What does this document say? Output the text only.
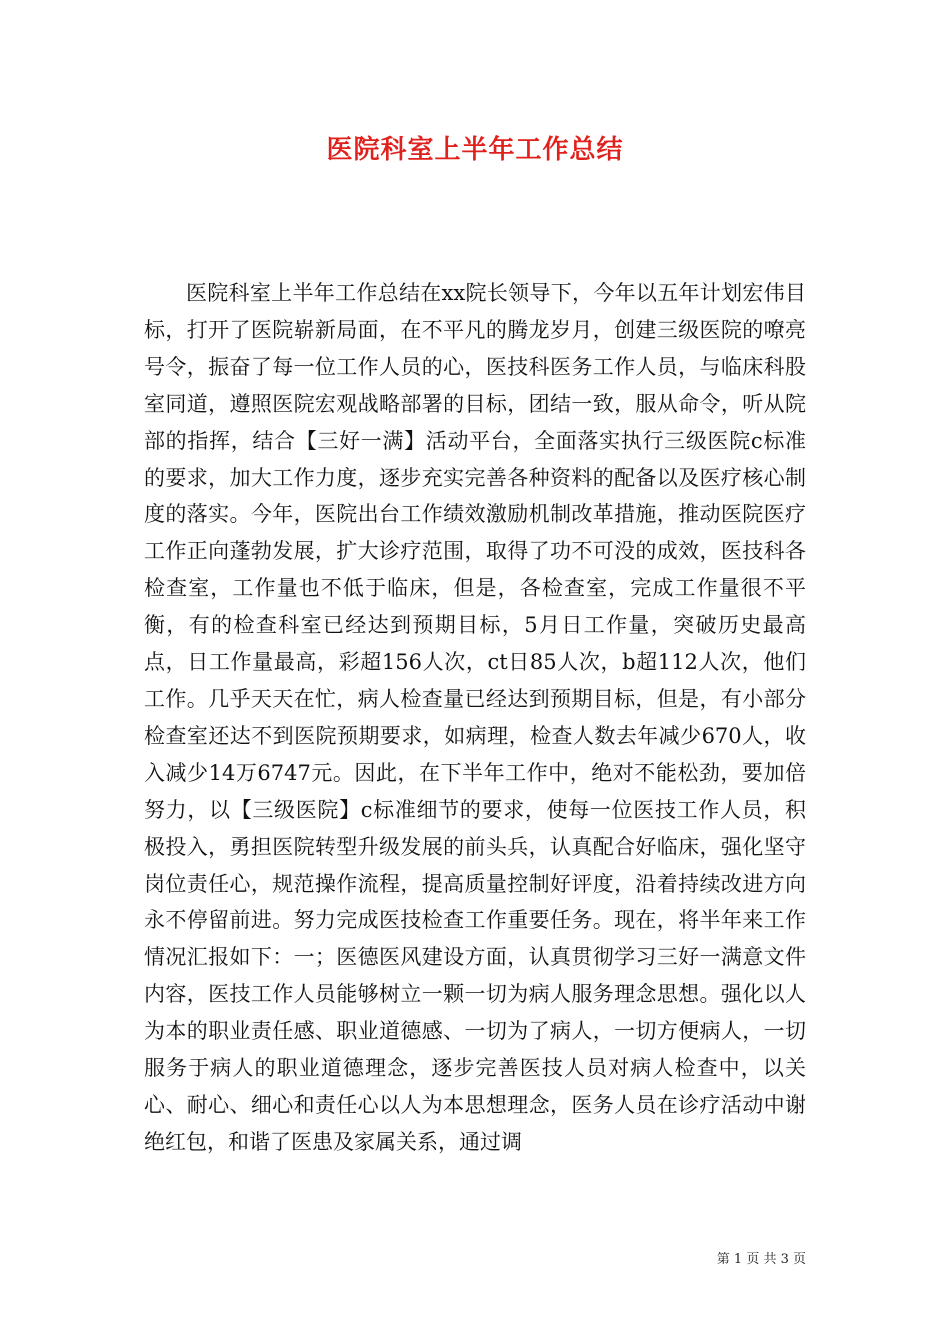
医院科室上半年工作总结

医院科室上半年工作总结在xx院长领导下，今年以五年计划宏伟目标，打开了医院崭新局面，在不平凡的腾龙岁月，创建三级医院的嘹亮号令，振奋了每一位工作人员的心，医技科医务工作人员，与临床科股室同道，遵照医院宏观战略部署的目标，团结一致，服从命令，听从院部的指挥，结合【三好一满】活动平台，全面落实执行三级医院c标准的要求，加大工作力度，逐步充实完善各种资料的配备以及医疗核心制度的落实。今年，医院出台工作绩效激励机制改革措施，推动医院医疗工作正向蓬勃发展，扩大诊疗范围，取得了功不可没的成效，医技科各检查室，工作量也不低于临床，但是，各检查室，完成工作量很不平衡，有的检查科室已经达到预期目标，5月日工作量，突破历史最高点，日工作量最高，彩超156人次，ct日85人次，b超112人次，他们工作。几乎天天在忙，病人检查量已经达到预期目标，但是，有小部分检查室还达不到医院预期要求，如病理，检查人数去年减少670人，收入减少14万6747元。因此，在下半年工作中，绝对不能松劲，要加倍努力，以【三级医院】c标准细节的要求，使每一位医技工作人员，积极投入，勇担医院转型升级发展的前头兵，认真配合好临床，强化坚守岗位责任心，规范操作流程，提高质量控制好评度，沿着持续改进方向永不停留前进。努力完成医技检查工作重要任务。现在，将半年来工作情况汇报如下：一；医德医风建设方面，认真贯彻学习三好一满意文件内容，医技工作人员能够树立一颗一切为病人服务理念思想。强化以人为本的职业责任感、职业道德感、一切为了病人，一切方便病人，一切服务于病人的职业道德理念，逐步完善医技人员对病人检查中，以关心、耐心、细心和责任心以人为本思想理念，医务人员在诊疗活动中谢绝红包，和谐了医患及家属关系，通过调

第 1 页 共 3 页
